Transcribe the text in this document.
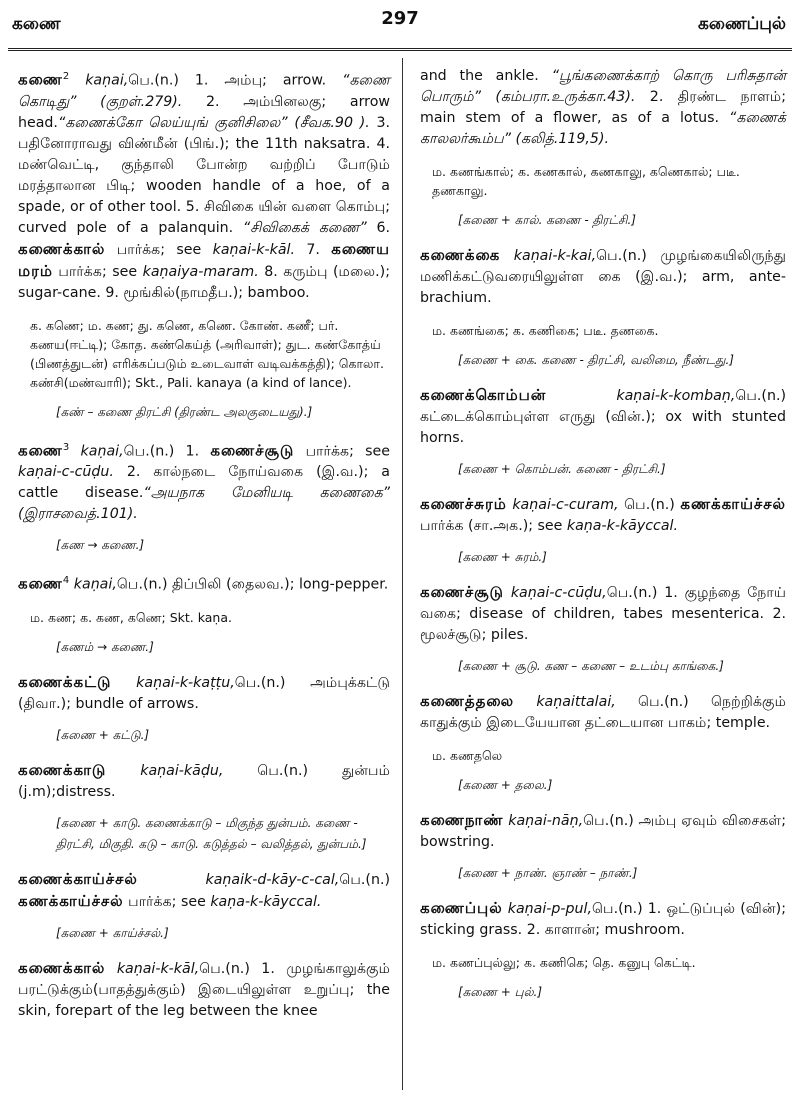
கணை	297	கணைப்புல்

கணை$^2$ kaṇai,பெ.(n.) 1. அம்பு; arrow. “கணை கொடிது” (குறள்.279). 2. அம்பினலகு; arrow head.“கணைக்கோ லெய்யுங் குனிசிலை” (சீவக.90 ). 3. பதினோராவது விண்மீன் (பிங்.); the 11th naksatra. 4. மண்வெட்டி, குந்தாலி போன்ற வற்றிப் போடும் மரத்தாலான பிடி; wooden handle of a hoe, of a spade, or of other tool. 5. சிவிகை யின் வளை கொம்பு; curved pole of a palanquin. “சிவிகைக் கணை” 6. கணைக்கால் பார்க்க; see kaṇai-k-kāl. 7. கணைய மரம் பார்க்க; see kaṇaiya-maram. 8. கரும்பு (மலை.); sugar-cane. 9. மூங்கில்(நாமதீப.); bamboo.

க. கணெ; ம. கண; து. கணெ, கணெ. கோண். கணீ; பர். கணய(ஈட்டி); கோத. கண்கெய்த் (அரிவாள்); துட. கண்கோத்ய் (பிணத்துடன்) எரிக்கப்படும் உடைவாள் வடிவக்கத்தி); கொலா. கண்சி(மண்வாரி); Skt., Pali. kanaya (a kind of lance).

[கண் – கணை திரட்சி (திரண்ட அலகுடையது).]

கணை$^3$ kaṇai,பெ.(n.) 1. கணைச்சூடு பார்க்க; see kaṇai-c-cūḍu. 2. கால்நடை நோய்வகை (இ.வ.); a cattle disease.“அயநாக மேனியடி கணைகை” (இராசவைத்.101).

[கண → கணை.]

கணை$^4$ kaṇai,பெ.(n.) திப்பிலி (தைலவ.); long-pepper.

ம. கண; க. கண, கணெ; Skt. kaṇa.

[கணம் → கணை.]

கணைக்கட்டு kaṇai-k-kaṭṭu,பெ.(n.) அம்புக்கட்டு (திவா.); bundle of arrows.

[கணை + கட்டு.]

கணைக்காடு kaṇai-kāḍu, பெ.(n.) துன்பம் (j.m);distress.

[கணை + காடு. கணைக்காடு – மிகுந்த துன்பம். கணை - திரட்சி, மிகுதி. கடு – காடு. கடுத்தல் – வலித்தல், துன்பம்.]

கணைக்காய்ச்சல்	kaṇaik-d-kāy-c-cal,பெ.(n.) கணக்காய்ச்சல் பார்க்க; see kaṇa-k-kāyccal.

[கணை + காய்ச்சல்.]

கணைக்கால் kaṇai-k-kāl,பெ.(n.) 1. முழங்காலுக்கும் பரட்டுக்கும்(பாதத்துக்கும்) இடையிலுள்ள உறுப்பு; the skin, forepart of the leg between the knee

and the ankle. “பூங்கணைக்காற் கொரு பரிசுதான் பொரும்” (கம்பரா.உருக்கா.43). 2. திரண்ட நாளம்; main stem of a flower, as of a lotus. “கணைக் காலலர்கூம்ப” (கலித்.119,5).

ம. கணங்கால்; க. கணகால், கணகாலு, கணெகால்; படீ. தணகாலு.

[கணை + கால். கணை - திரட்சி.]

கணைக்கை kaṇai-k-kai,பெ.(n.) முழங்கையிலிருந்து மணிக்கட்டுவரையிலுள்ள கை (இ.வ.); arm, ante-brachium.

ம. கணங்கை; க. கணிகை; படீ. தணகை.

[கணை + கை. கணை - திரட்சி, வலிமை, நீண்டது.]

கணைக்கொம்பன்	kaṇai-k-kombaṇ,பெ.(n.) கட்டைக்கொம்புள்ள எருது (வின்.); ox with stunted horns.

[கணை + கொம்பன். கணை - திரட்சி.]

கணைச்சுரம் kaṇai-c-curam, பெ.(n.) கணக்காய்ச்சல் பார்க்க (சா.அக.); see kaṇa-k-kāyccal.

[கணை + சுரம்.]

கணைச்சூடு kaṇai-c-cūḍu,பெ.(n.) 1. குழந்தை நோய் வகை; disease of children, tabes mesenterica. 2. மூலச்சூடு; piles.

[கணை + சூடு. கண – கணை – உடம்பு காங்கை.]

கணைத்தலை kaṇaittalai, பெ.(n.) நெற்றிக்கும் காதுக்கும் இடையேயான தட்டையான பாகம்; temple.

ம. கணதலெ

[கணை + தலை.]

கணைநாண் kaṇai-nāṇ,பெ.(n.) அம்பு ஏவும் விசைகள்; bowstring.

[கணை + நாண். ஞாண் – நாண்.]

கணைப்புல் kaṇai-p-pul,பெ.(n.) 1. ஒட்டுப்புல் (வின்); sticking grass. 2. காளான்; mushroom.

ம. கணப்புல்லு; க. கணிகெ; தெ. கனுபு கெட்டி.

[கணை + புல்.]
